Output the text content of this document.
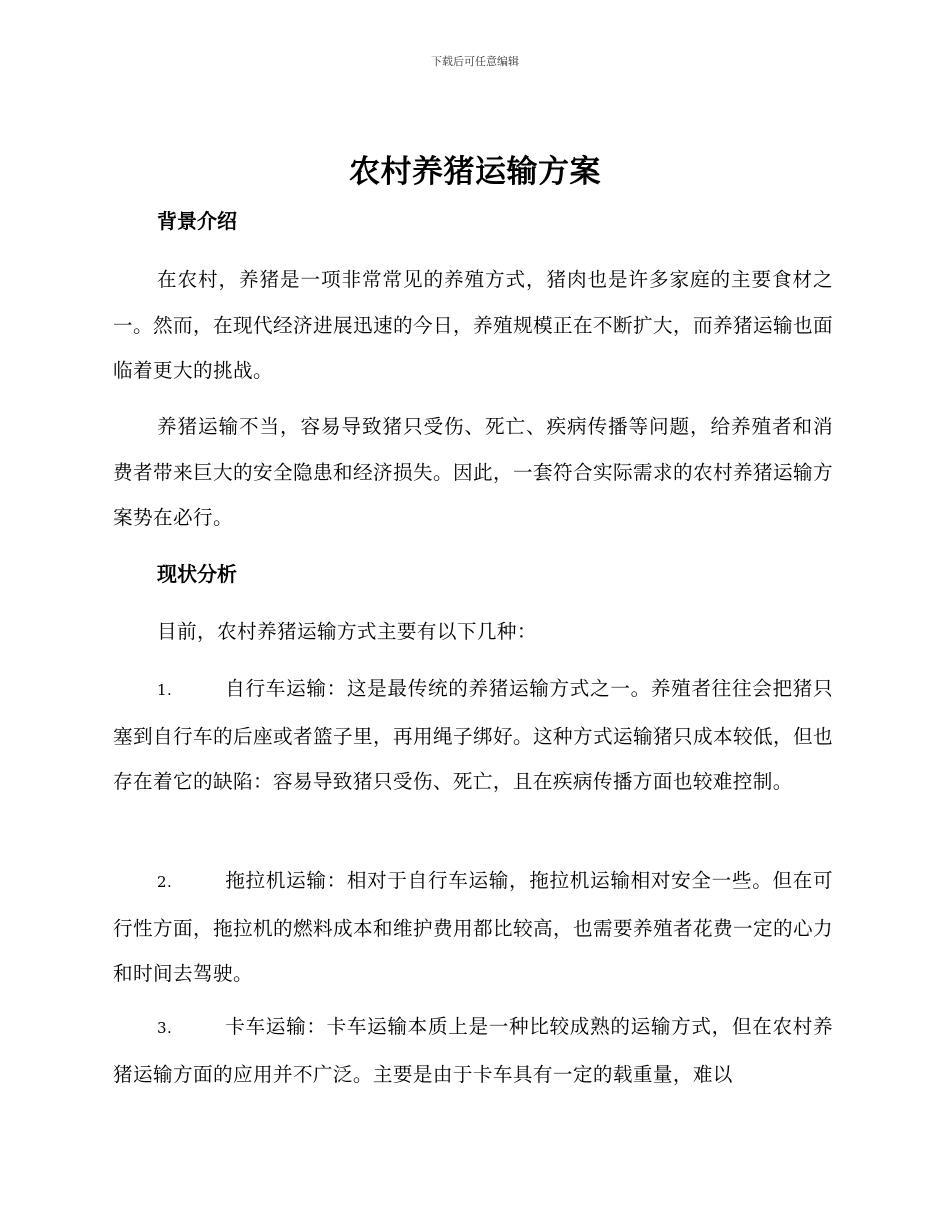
下载后可任意编辑
农村养猪运输方案
背景介绍
在农村，养猪是一项非常常见的养殖方式，猪肉也是许多家庭的主要食材之一。然而，在现代经济进展迅速的今日，养殖规模正在不断扩大，而养猪运输也面临着更大的挑战。
养猪运输不当，容易导致猪只受伤、死亡、疾病传播等问题，给养殖者和消费者带来巨大的安全隐患和经济损失。因此，一套符合实际需求的农村养猪运输方案势在必行。
现状分析
目前，农村养猪运输方式主要有以下几种：
1.	自行车运输：这是最传统的养猪运输方式之一。养殖者往往会把猪只塞到自行车的后座或者篮子里，再用绳子绑好。这种方式运输猪只成本较低，但也存在着它的缺陷：容易导致猪只受伤、死亡，且在疾病传播方面也较难控制。
2.	拖拉机运输：相对于自行车运输，拖拉机运输相对安全一些。但在可行性方面，拖拉机的燃料成本和维护费用都比较高，也需要养殖者花费一定的心力和时间去驾驶。
3.	卡车运输：卡车运输本质上是一种比较成熟的运输方式，但在农村养猪运输方面的应用并不广泛。主要是由于卡车具有一定的载重量，难以
